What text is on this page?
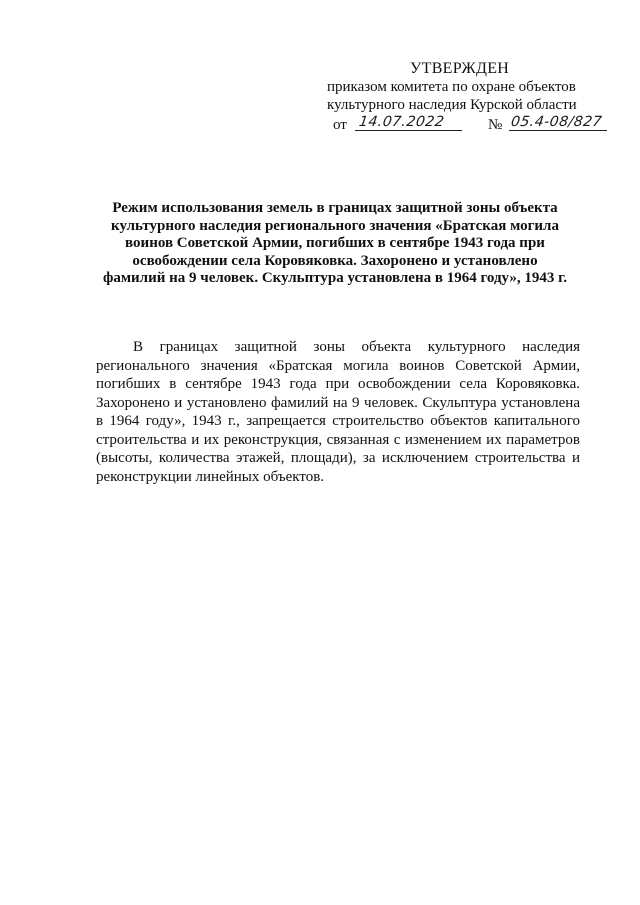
УТВЕРЖДЕН
приказом комитета по охране объектов
культурного наследия Курской области
от 14.07.2022	№ 05.4-08/827
Режим использования земель в границах защитной зоны объекта культурного наследия регионального значения «Братская могила воинов Советской Армии, погибших в сентябре 1943 года при освобождении села Коровяковка. Захоронено и установлено фамилий на 9 человек. Скульптура установлена в 1964 году», 1943 г.
В границах защитной зоны объекта культурного наследия регионального значения «Братская могила воинов Советской Армии, погибших в сентябре 1943 года при освобождении села Коровяковка. Захоронено и установлено фамилий на 9 человек. Скульптура установлена в 1964 году», 1943 г., запрещается строительство объектов капитального строительства и их реконструкция, связанная с изменением их параметров (высоты, количества этажей, площади), за исключением строительства и реконструкции линейных объектов.
